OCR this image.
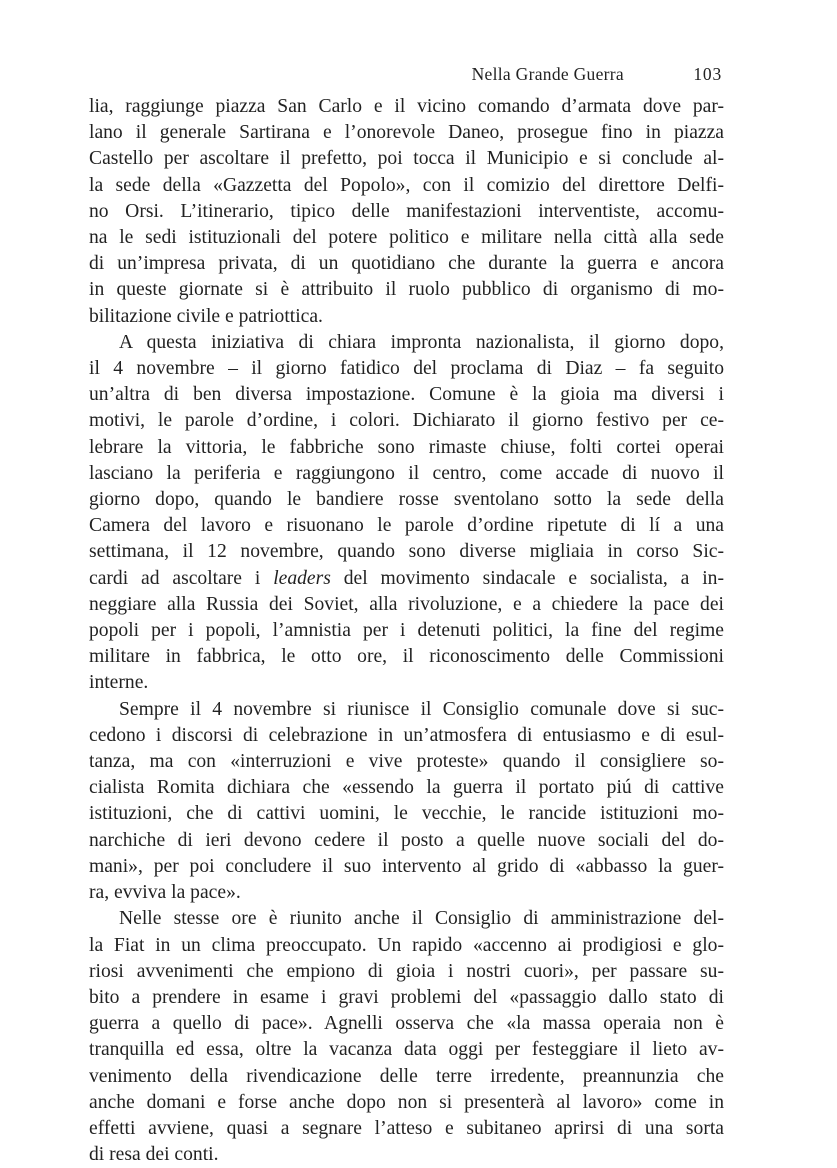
Nella Grande Guerra	103
lia, raggiunge piazza San Carlo e il vicino comando d’armata dove par-
lano il generale Sartirana e l’onorevole Daneo, prosegue fino in piazza
Castello per ascoltare il prefetto, poi tocca il Municipio e si conclude al-
la sede della «Gazzetta del Popolo», con il comizio del direttore Delfi-
no Orsi. L’itinerario, tipico delle manifestazioni interventiste, accomu-
na le sedi istituzionali del potere politico e militare nella città alla sede
di un’impresa privata, di un quotidiano che durante la guerra e ancora
in queste giornate si è attribuito il ruolo pubblico di organismo di mo-
bilitazione civile e patriottica.
A questa iniziativa di chiara impronta nazionalista, il giorno dopo,
il 4 novembre – il giorno fatidico del proclama di Diaz – fa seguito
un’altra di ben diversa impostazione. Comune è la gioia ma diversi i
motivi, le parole d’ordine, i colori. Dichiarato il giorno festivo per ce-
lebrare la vittoria, le fabbriche sono rimaste chiuse, folti cortei operai
lasciano la periferia e raggiungono il centro, come accade di nuovo il
giorno dopo, quando le bandiere rosse sventolano sotto la sede della
Camera del lavoro e risuonano le parole d’ordine ripetute di lí a una
settimana, il 12 novembre, quando sono diverse migliaia in corso Sic-
cardi ad ascoltare i leaders del movimento sindacale e socialista, a in-
neggiare alla Russia dei Soviet, alla rivoluzione, e a chiedere la pace dei
popoli per i popoli, l’amnistia per i detenuti politici, la fine del regime
militare in fabbrica, le otto ore, il riconoscimento delle Commissioni
interne.
Sempre il 4 novembre si riunisce il Consiglio comunale dove si suc-
cedono i discorsi di celebrazione in un’atmosfera di entusiasmo e di esul-
tanza, ma con «interruzioni e vive proteste» quando il consigliere so-
cialista Romita dichiara che «essendo la guerra il portato piú di cattive
istituzioni, che di cattivi uomini, le vecchie, le rancide istituzioni mo-
narchiche di ieri devono cedere il posto a quelle nuove sociali del do-
mani», per poi concludere il suo intervento al grido di «abbasso la guer-
ra, evviva la pace».
Nelle stesse ore è riunito anche il Consiglio di amministrazione del-
la Fiat in un clima preoccupato. Un rapido «accenno ai prodigiosi e glo-
riosi avvenimenti che empiono di gioia i nostri cuori», per passare su-
bito a prendere in esame i gravi problemi del «passaggio dallo stato di
guerra a quello di pace». Agnelli osserva che «la massa operaia non è
tranquilla ed essa, oltre la vacanza data oggi per festeggiare il lieto av-
venimento della rivendicazione delle terre irredente, preannunzia che
anche domani e forse anche dopo non si presenterà al lavoro» come in
effetti avviene, quasi a segnare l’atteso e subitaneo aprirsi di una sorta
di resa dei conti.
